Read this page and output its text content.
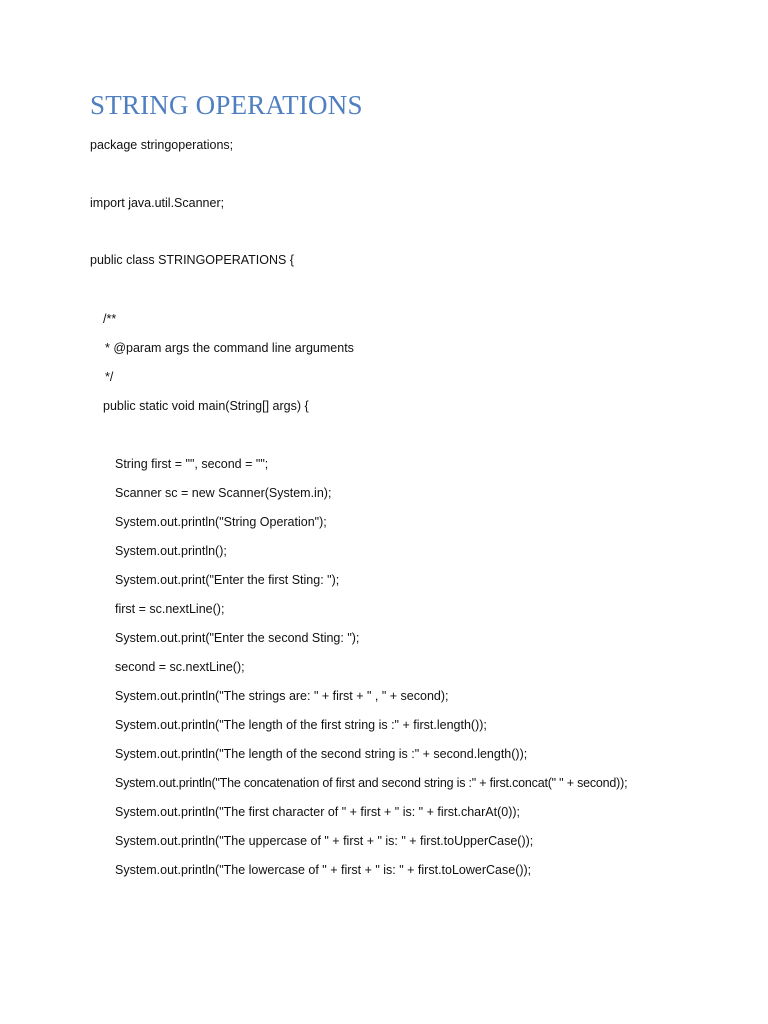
STRING OPERATIONS

package stringoperations;

import java.util.Scanner;

public class STRINGOPERATIONS {

/**

* @param args the command line arguments

*/

public static void main(String[] args) {

String first = "", second = "";

Scanner sc = new Scanner(System.in);

System.out.println("String Operation");

System.out.println();

System.out.print("Enter the first Sting: ");

first = sc.nextLine();

System.out.print("Enter the second Sting: ");

second = sc.nextLine();

System.out.println("The strings are: " + first + " , " + second);

System.out.println("The length of the first string is :" + first.length());

System.out.println("The length of the second string is :" + second.length());

System.out.println("The concatenation of first and second string is :" + first.concat(" " + second));

System.out.println("The first character of " + first + " is: " + first.charAt(0));

System.out.println("The uppercase of " + first + " is: " + first.toUpperCase());

System.out.println("The lowercase of " + first + " is: " + first.toLowerCase());
